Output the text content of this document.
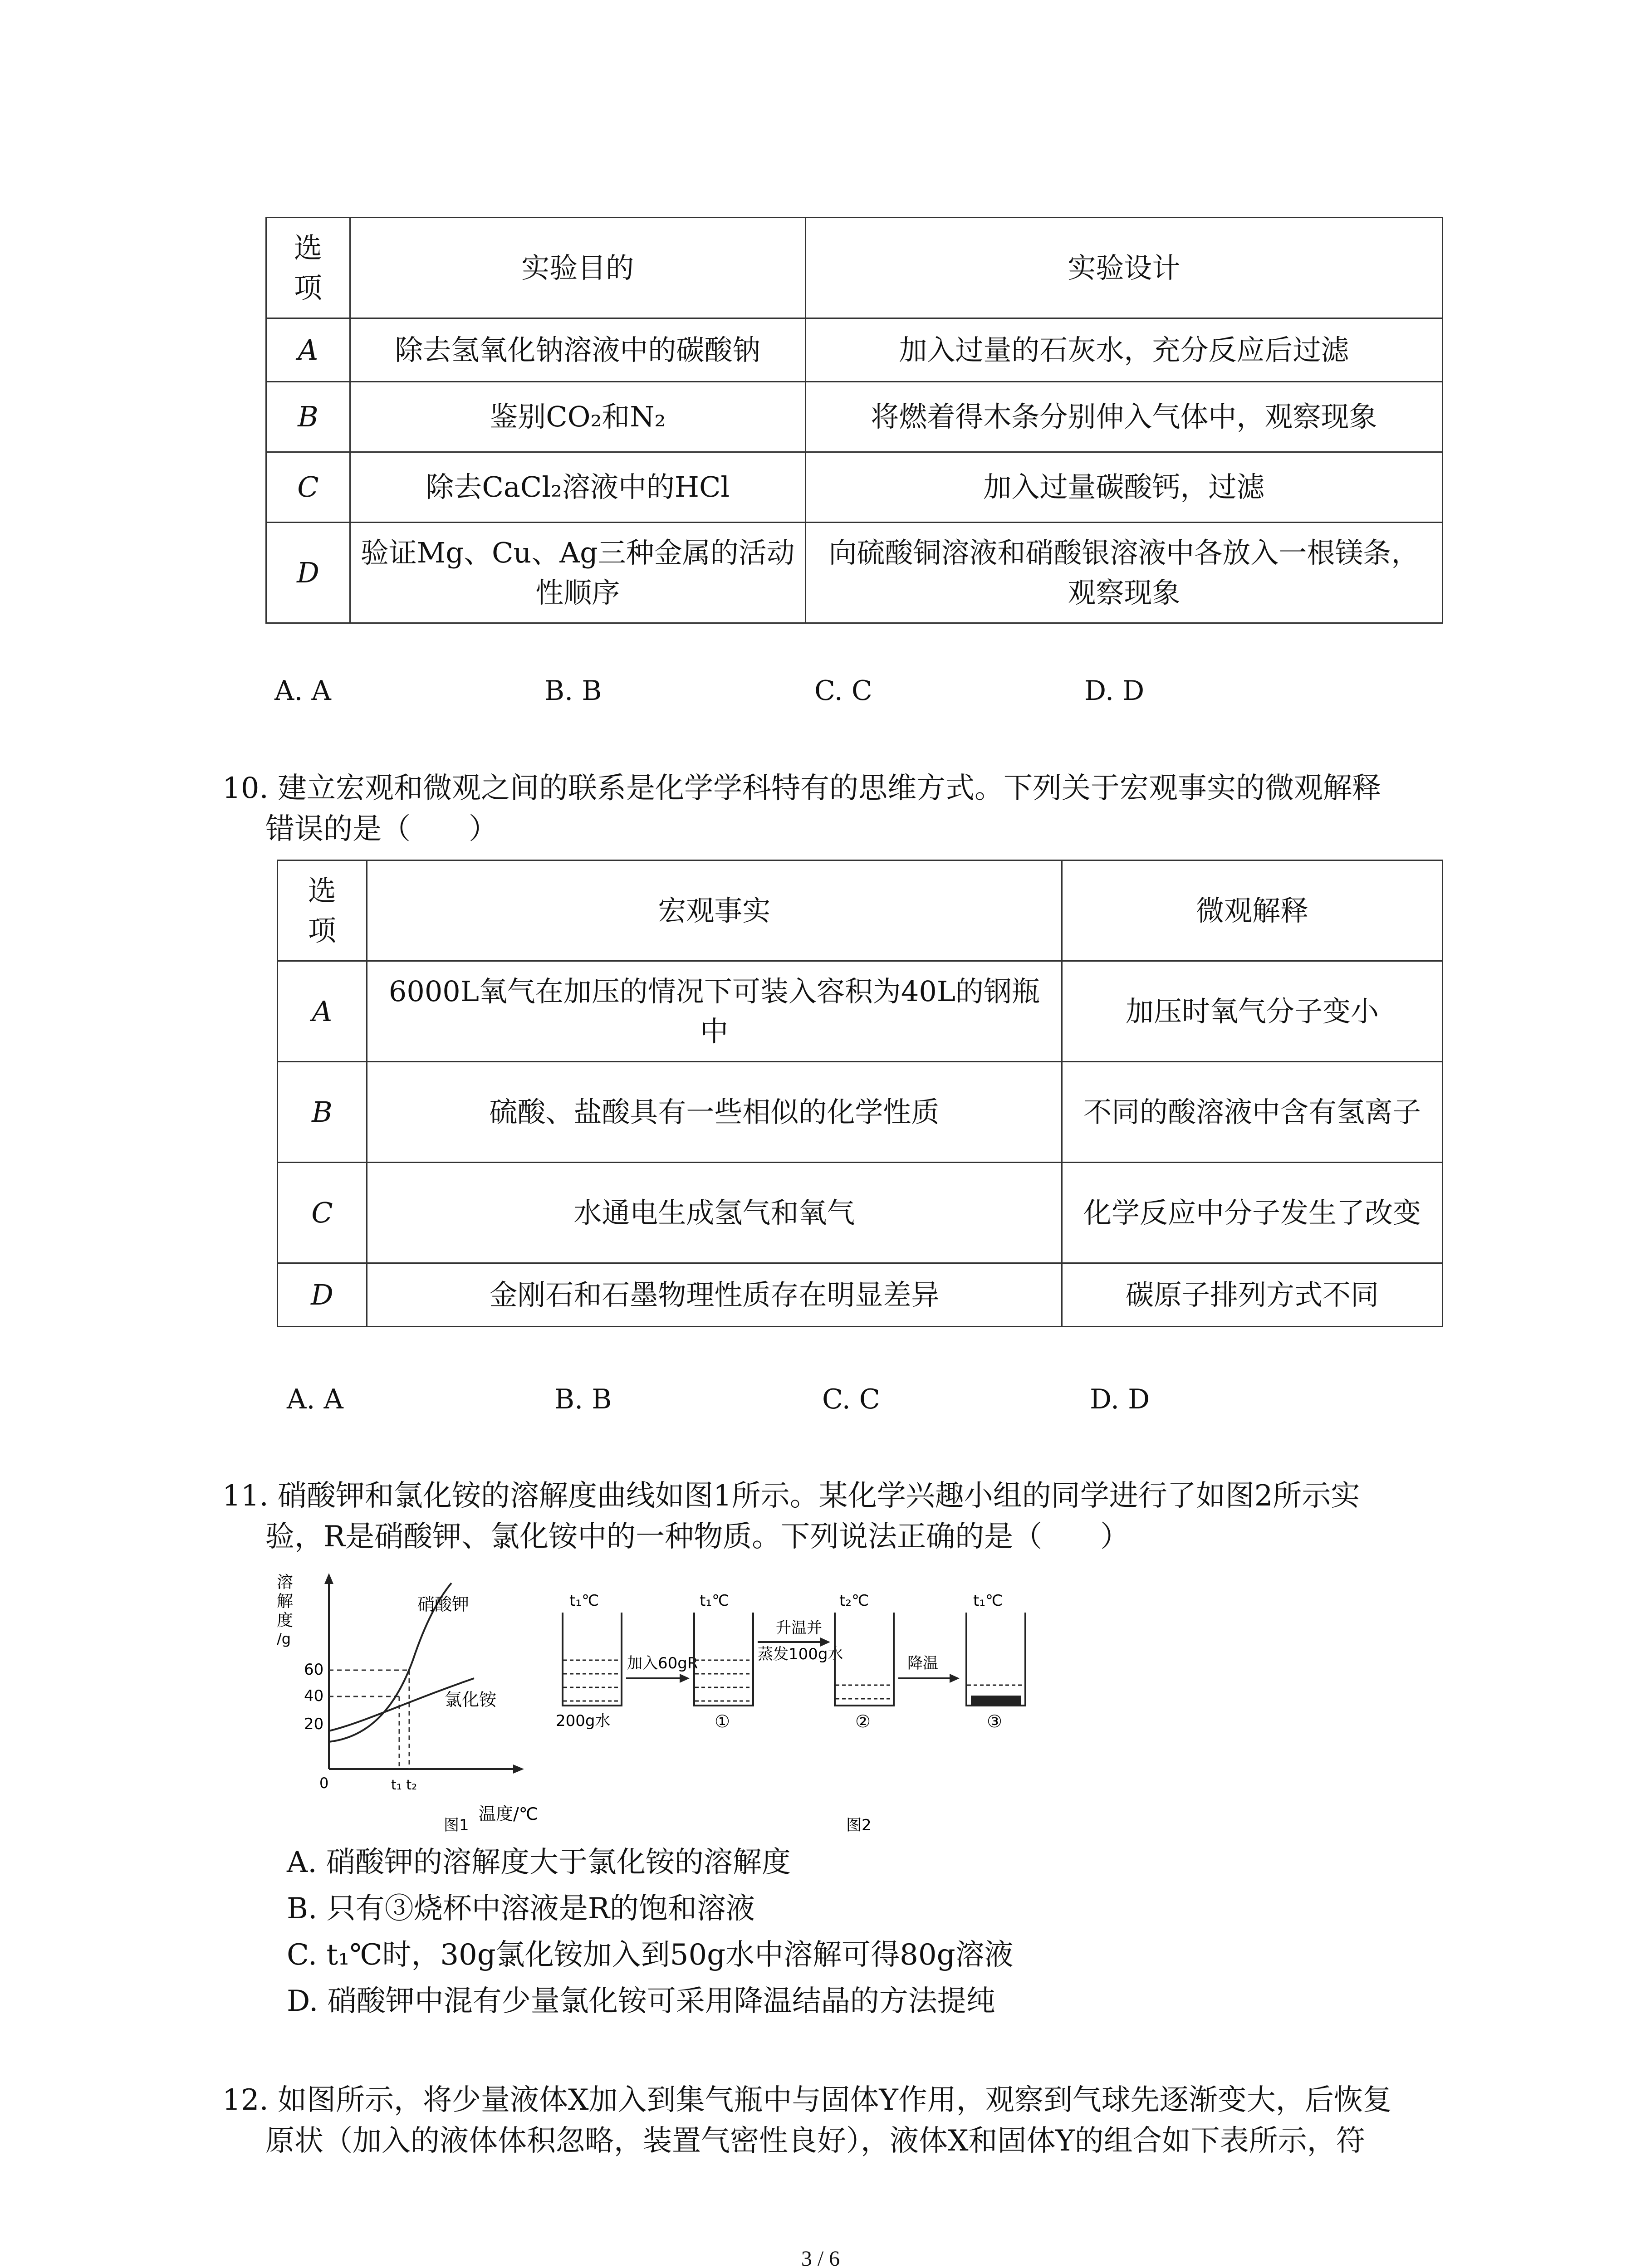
选
项	实验目的	实验设计
A	除去氢氧化钠溶液中的碳酸钠	加入过量的石灰水，充分反应后过滤
B	鉴别CO₂和N₂	将燃着得木条分别伸入气体中，观察现象
C	除去CaCl₂溶液中的HCl	加入过量碳酸钙，过滤
D	验证Mg、Cu、Ag三种金属的活动性顺序	向硫酸铜溶液和硝酸银溶液中各放入一根镁条，观察现象
A. A	B. B	C. C	D. D
10. 建立宏观和微观之间的联系是化学学科特有的思维方式。下列关于宏观事实的微观解释
错误的是（　　）
选
项	宏观事实	微观解释
A	6000L氧气在加压的情况下可装入容积为40L的钢瓶中	加压时氧气分子变小
B	硫酸、盐酸具有一些相似的化学性质	不同的酸溶液中含有氢离子
C	水通电生成氢气和氧气	化学反应中分子发生了改变
D	金刚石和石墨物理性质存在明显差异	碳原子排列方式不同
A. A	B. B	C. C	D. D
11. 硝酸钾和氯化铵的溶解度曲线如图1所示。某化学兴趣小组的同学进行了如图2所示实
验，R是硝酸钾、氯化铵中的一种物质。下列说法正确的是（　　）
溶
解
度
/g
60
40
20
0	t₁ t₂
硝酸钾
氯化铵
温度/℃
图1
t₁℃
200g水
加入60gR
t₁℃
①
升温并
蒸发100g水
t₂℃
②
降温
t₁℃
③
图2
A. 硝酸钾的溶解度大于氯化铵的溶解度
B. 只有③烧杯中溶液是R的饱和溶液
C. t₁℃时，30g氯化铵加入到50g水中溶解可得80g溶液
D. 硝酸钾中混有少量氯化铵可采用降温结晶的方法提纯
12. 如图所示，将少量液体X加入到集气瓶中与固体Y作用，观察到气球先逐渐变大，后恢复
原状（加入的液体体积忽略，装置气密性良好），液体X和固体Y的组合如下表所示，符
3 / 6
